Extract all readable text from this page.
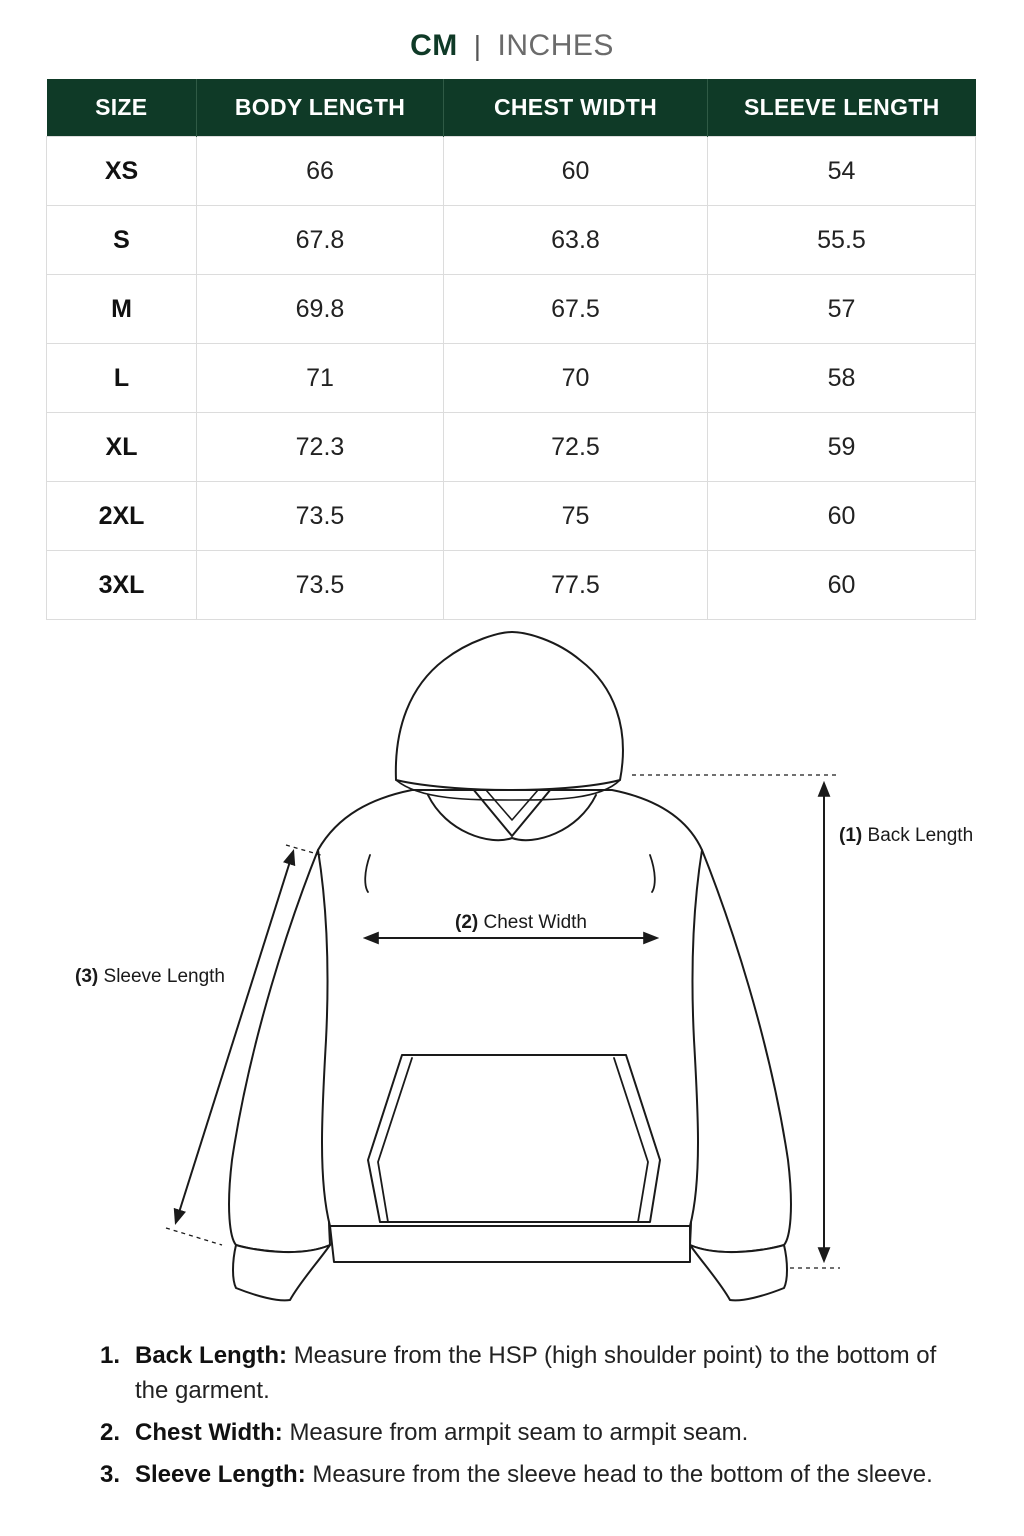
CM | INCHES
SIZE	BODY LENGTH	CHEST WIDTH	SLEEVE LENGTH
XS	66	60	54
S	67.8	63.8	55.5
M	69.8	67.5	57
L	71	70	58
XL	72.3	72.5	59
2XL	73.5	75	60
3XL	73.5	77.5	60
(1) Back Length
(2) Chest Width
(3) Sleeve Length
1. Back Length: Measure from the HSP (high shoulder point) to the bottom of the garment.
2. Chest Width: Measure from armpit seam to armpit seam.
3. Sleeve Length: Measure from the sleeve head to the bottom of the sleeve.
